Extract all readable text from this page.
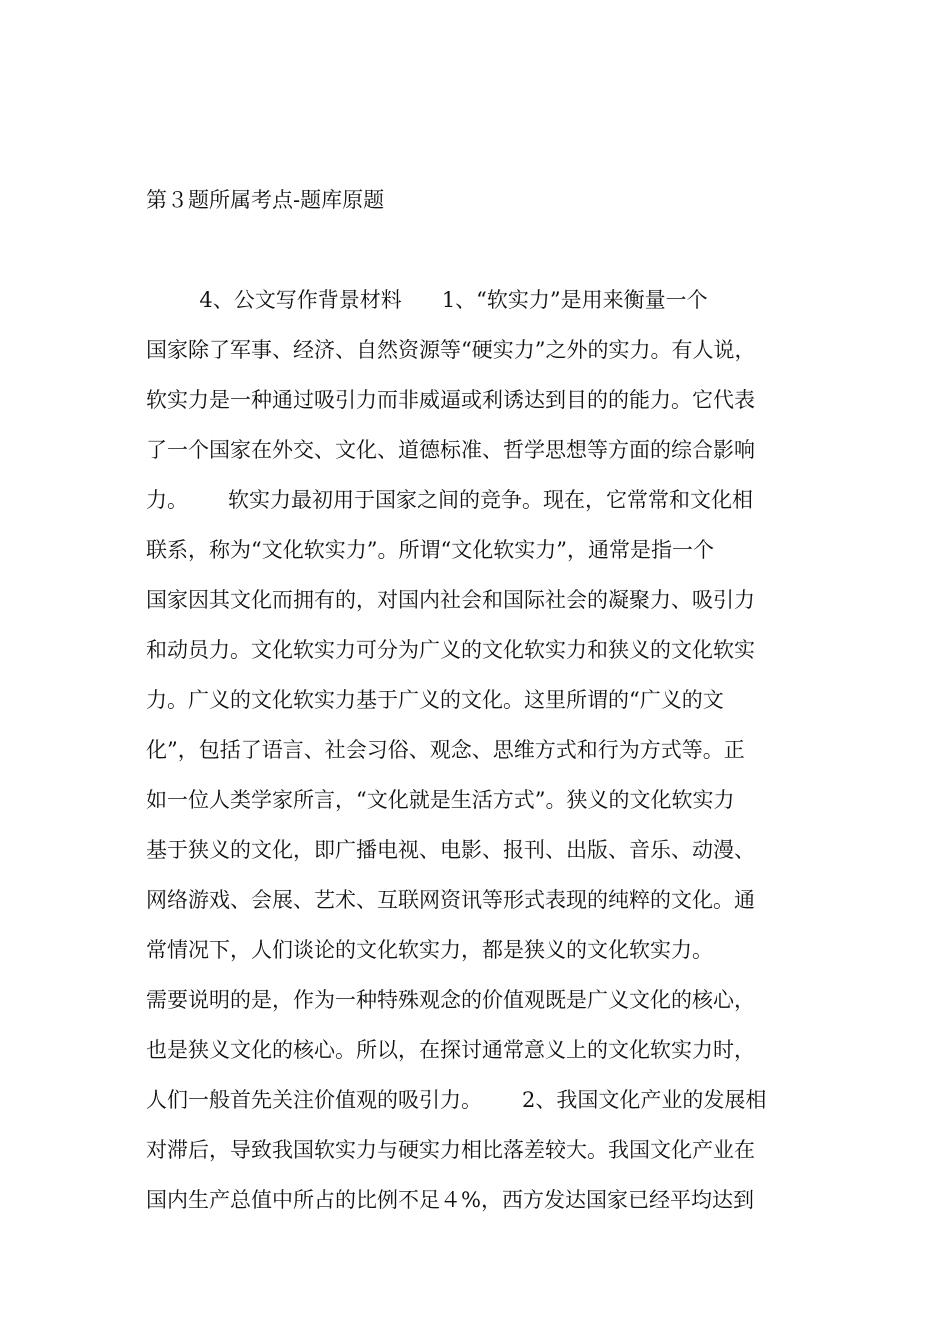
第３题所属考点-题库原题
4、公文写作背景材料      1、“软实力”是用来衡量一个
国家除了军事、经济、自然资源等“硬实力”之外的实力。有人说，
软实力是一种通过吸引力而非威逼或利诱达到目的的能力。它代表
了一个国家在外交、文化、道德标准、哲学思想等方面的综合影响
力。      软实力最初用于国家之间的竞争。现在，它常常和文化相
联系，称为“文化软实力”。所谓“文化软实力”，通常是指一个
国家因其文化而拥有的，对国内社会和国际社会的凝聚力、吸引力
和动员力。文化软实力可分为广义的文化软实力和狭义的文化软实
力。广义的文化软实力基于广义的文化。这里所谓的“广义的文
化”，包括了语言、社会习俗、观念、思维方式和行为方式等。正
如一位人类学家所言，“文化就是生活方式”。狭义的文化软实力
基于狭义的文化，即广播电视、电影、报刊、出版、音乐、动漫、
网络游戏、会展、艺术、互联网资讯等形式表现的纯粹的文化。通
常情况下，人们谈论的文化软实力，都是狭义的文化软实力。
需要说明的是，作为一种特殊观念的价值观既是广义文化的核心，
也是狭义文化的核心。所以，在探讨通常意义上的文化软实力时，
人们一般首先关注价值观的吸引力。      2、我国文化产业的发展相
对滞后，导致我国软实力与硬实力相比落差较大。我国文化产业在
国内生产总值中所占的比例不足４%，西方发达国家已经平均达到
